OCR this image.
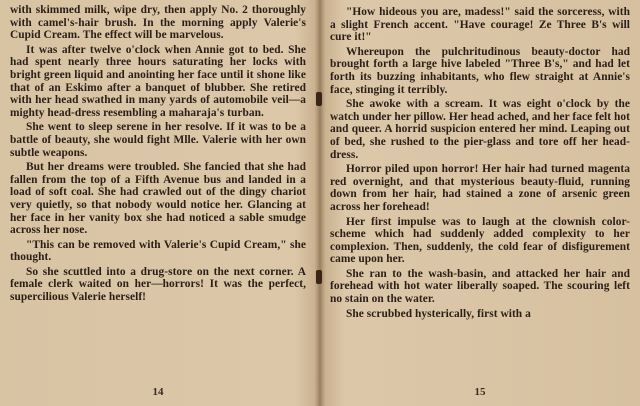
with skimmed milk, wipe dry, then apply No. 2 thoroughly with camel's-hair brush. In the morning apply Valerie's Cupid Cream. The effect will be marvelous.

It was after twelve o'clock when Annie got to bed. She had spent nearly three hours saturating her locks with bright green liquid and anointing her face until it shone like that of an Eskimo after a banquet of blubber. She retired with her head swathed in many yards of automobile veil—a mighty head-dress resembling a maharaja's turban.

She went to sleep serene in her resolve. If it was to be a battle of beauty, she would fight Mlle. Valerie with her own subtle weapons.

But her dreams were troubled. She fancied that she had fallen from the top of a Fifth Avenue bus and landed in a load of soft coal. She had crawled out of the dingy chariot very quietly, so that nobody would notice her. Glancing at her face in her vanity box she had noticed a sable smudge across her nose.

"This can be removed with Valerie's Cupid Cream," she thought.

So she scuttled into a drug-store on the next corner. A female clerk waited on her—horrors! It was the perfect, supercilious Valerie herself!

14

"How hideous you are, madess!" said the sorceress, with a slight French accent. "Have courage! Ze Three B's will cure it!"

Whereupon the pulchritudinous beauty-doctor had brought forth a large hive labeled "Three B's," and had let forth its buzzing inhabitants, who flew straight at Annie's face, stinging it terribly.

She awoke with a scream. It was eight o'clock by the watch under her pillow. Her head ached, and her face felt hot and queer. A horrid suspicion entered her mind. Leaping out of bed, she rushed to the pier-glass and tore off her head-dress.

Horror piled upon horror! Her hair had turned magenta red overnight, and that mysterious beauty-fluid, running down from her hair, had stained a zone of arsenic green across her forehead!

Her first impulse was to laugh at the clownish color-scheme which had suddenly added complexity to her complexion. Then, suddenly, the cold fear of disfigurement came upon her.

She ran to the wash-basin, and attacked her hair and forehead with hot water liberally soaped. The scouring left no stain on the water.

She scrubbed hysterically, first with a

15
